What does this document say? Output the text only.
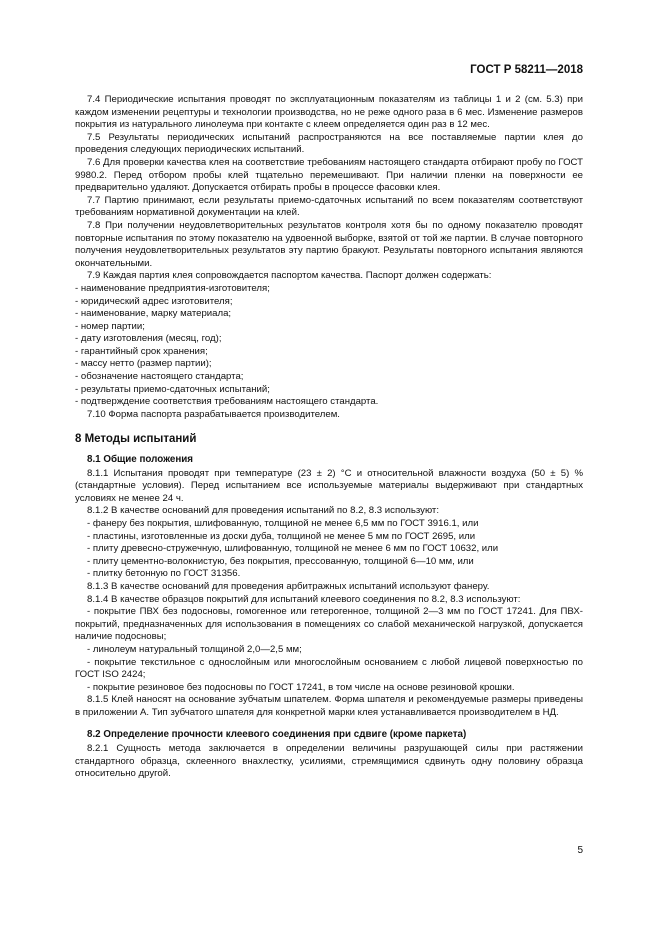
ГОСТ Р 58211—2018

7.4 Периодические испытания проводят по эксплуатационным показателям из таблицы 1 и 2 (см. 5.3) при каждом изменении рецептуры и технологии производства, но не реже одного раза в 6 мес. Изменение размеров покрытия из натурального линолеума при контакте с клеем определяется один раз в 12 мес.

7.5 Результаты периодических испытаний распространяются на все поставляемые партии клея до проведения следующих периодических испытаний.

7.6 Для проверки качества клея на соответствие требованиям настоящего стандарта отбирают пробу по ГОСТ 9980.2. Перед отбором пробы клей тщательно перемешивают. При наличии пленки на поверхности ее предварительно удаляют. Допускается отбирать пробы в процессе фасовки клея.

7.7 Партию принимают, если результаты приемо-сдаточных испытаний по всем показателям соответствуют требованиям нормативной документации на клей.

7.8 При получении неудовлетворительных результатов контроля хотя бы по одному показателю проводят повторные испытания по этому показателю на удвоенной выборке, взятой от той же партии. В случае повторного получения неудовлетворительных результатов эту партию бракуют. Результаты повторного испытания являются окончательными.

7.9 Каждая партия клея сопровождается паспортом качества. Паспорт должен содержать:

- наименование предприятия-изготовителя;

- юридический адрес изготовителя;

- наименование, марку материала;

- номер партии;

- дату изготовления (месяц, год);

- гарантийный срок хранения;

- массу нетто (размер партии);

- обозначение настоящего стандарта;

- результаты приемо-сдаточных испытаний;

- подтверждение соответствия требованиям настоящего стандарта.

7.10 Форма паспорта разрабатывается производителем.

8 Методы испытаний
8.1 Общие положения

8.1.1 Испытания проводят при температуре (23 ± 2) °C и относительной влажности воздуха (50 ± 5) % (стандартные условия). Перед испытанием все используемые материалы выдерживают при стандартных условиях не менее 24 ч.

8.1.2 В качестве оснований для проведения испытаний по 8.2, 8.3 используют:

- фанеру без покрытия, шлифованную, толщиной не менее 6,5 мм по ГОСТ 3916.1, или

- пластины, изготовленные из доски дуба, толщиной не менее 5 мм по ГОСТ 2695, или

- плиту древесно-стружечную, шлифованную, толщиной не менее 6 мм по ГОСТ 10632, или

- плиту цементно-волокнистую, без покрытия, прессованную, толщиной 6—10 мм, или

- плитку бетонную по ГОСТ 31356.

8.1.3 В качестве оснований для проведения арбитражных испытаний используют фанеру.

8.1.4 В качестве образцов покрытий для испытаний клеевого соединения по 8.2, 8.3 используют:

- покрытие ПВХ без подосновы, гомогенное или гетерогенное, толщиной 2—3 мм по ГОСТ 17241. Для ПВХ-покрытий, предназначенных для использования в помещениях со слабой механической нагрузкой, допускается наличие подосновы;

- линолеум натуральный толщиной 2,0—2,5 мм;

- покрытие текстильное с однослойным или многослойным основанием с любой лицевой поверхностью по ГОСТ ISO 2424;

- покрытие резиновое без подосновы по ГОСТ 17241, в том числе на основе резиновой крошки.

8.1.5 Клей наносят на основание зубчатым шпателем. Форма шпателя и рекомендуемые размеры приведены в приложении А. Тип зубчатого шпателя для конкретной марки клея устанавливается производителем в НД.

8.2 Определение прочности клеевого соединения при сдвиге (кроме паркета)

8.2.1 Сущность метода заключается в определении величины разрушающей силы при растяжении стандартного образца, склеенного внахлестку, усилиями, стремящимися сдвинуть одну половину образца относительно другой.

5
